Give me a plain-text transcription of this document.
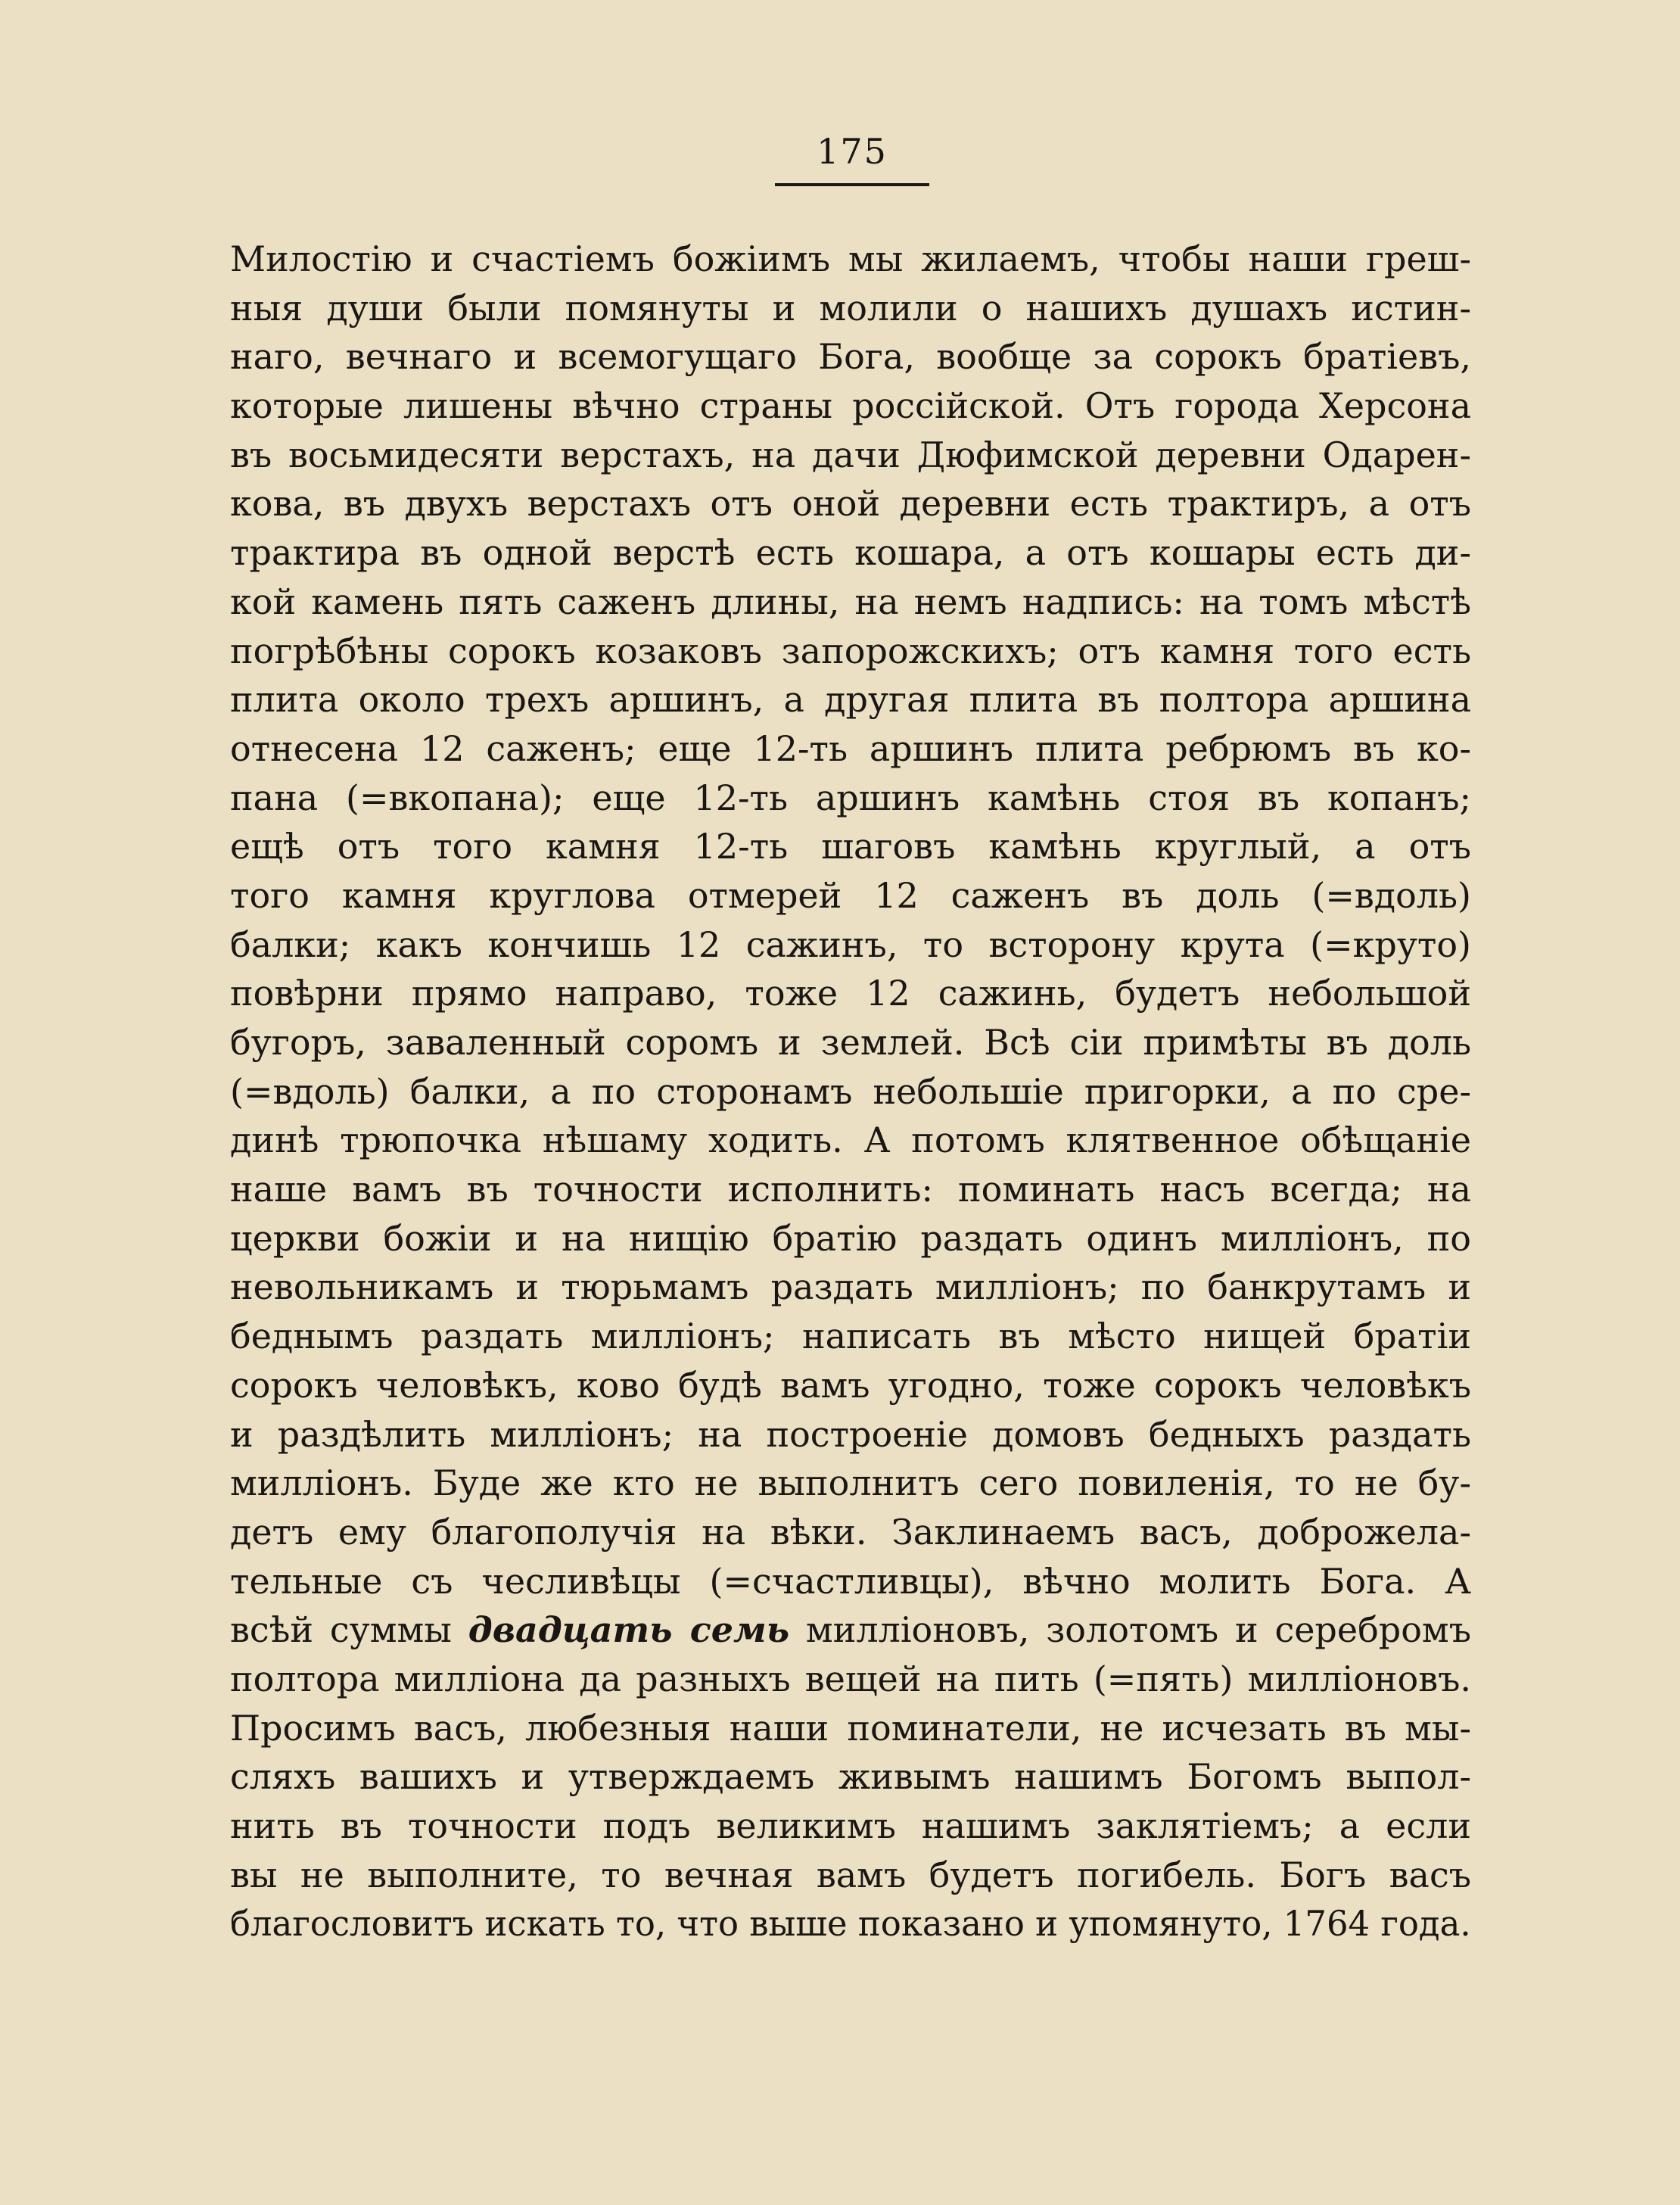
175
Милостію и счастіемъ божіимъ мы жилаемъ, чтобы наши греш-
ныя души были помянуты и молили о нашихъ душахъ истин-
наго, вечнаго и всемогущаго Бога, вообще за сорокъ братіевъ,
которые лишены вѣчно страны россійской. Отъ города Херсона
въ восьмидесяти верстахъ, на дачи Дюфимской деревни Одарен-
кова, въ двухъ верстахъ отъ оной деревни есть трактиръ, а отъ
трактира въ одной верстѣ есть кошара, а отъ кошары есть ди-
кой камень пять саженъ длины, на немъ надпись: на томъ мѣстѣ
погрѣбѣны сорокъ козаковъ запорожскихъ; отъ камня того есть
плита около трехъ аршинъ, а другая плита въ полтора аршина
отнесена 12 саженъ; еще 12-ть аршинъ плита ребрюмъ въ ко-
пана (=вкопана); еще 12-ть аршинъ камѣнь стоя въ копанъ;
ещѣ отъ того камня 12-ть шаговъ камѣнь круглый, а отъ
того камня круглова отмерей 12 саженъ въ доль (=вдоль)
балки; какъ кончишь 12 сажинъ, то всторону крута (=круто)
повѣрни прямо направо, тоже 12 сажинь, будетъ небольшой
бугоръ, заваленный соромъ и землей. Всѣ сіи примѣты въ доль
(=вдоль) балки, а по сторонамъ небольшіе пригорки, а по сре-
динѣ трюпочка нѣшаму ходить. А потомъ клятвенное обѣщаніе
наше вамъ въ точности исполнить: поминать насъ всегда; на
церкви божіи и на нищію братію раздать одинъ милліонъ, по
невольникамъ и тюрьмамъ раздать милліонъ; по банкрутамъ и
беднымъ раздать милліонъ; написать въ мѣсто нищей братіи
сорокъ человѣкъ, ково будѣ вамъ угодно, тоже сорокъ человѣкъ
и раздѣлить милліонъ; на построеніе домовъ бедныхъ раздать
милліонъ. Буде же кто не выполнитъ сего повиленія, то не бу-
детъ ему благополучія на вѣки. Заклинаемъ васъ, доброжела-
тельные съ чесливѣцы (=счастливцы), вѣчно молить Бога. А
всѣй суммы двадцать семь милліоновъ, золотомъ и серебромъ
полтора милліона да разныхъ вещей на пить (=пять) милліоновъ.
Просимъ васъ, любезныя наши поминатели, не исчезать въ мы-
сляхъ вашихъ и утверждаемъ живымъ нашимъ Богомъ выпол-
нить въ точности подъ великимъ нашимъ заклятіемъ; а если
вы не выполните, то вечная вамъ будетъ погибель. Богъ васъ
благословитъ искать то, что выше показано и упомянуто, 1764 года.
